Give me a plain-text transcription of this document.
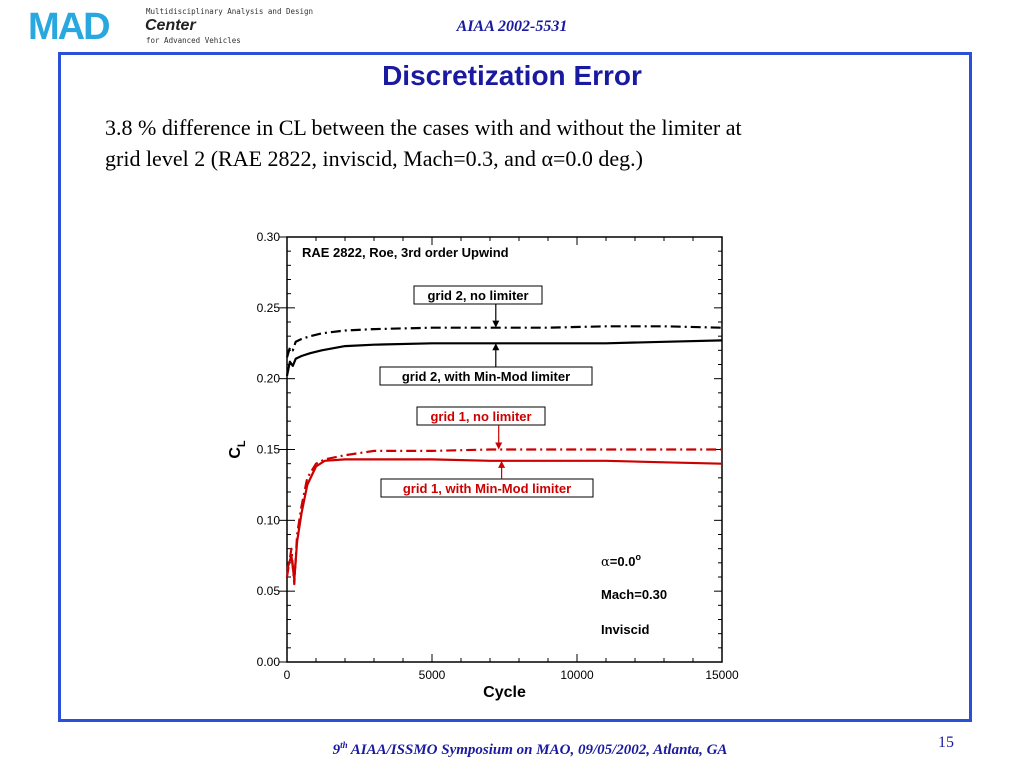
MAD	Multidisciplinary Analysis and Design
Center
for Advanced Vehicles
AIAA 2002-5531
Discretization Error
3.8 % difference in CL between the cases with and without the limiter at
grid level 2 (RAE 2822, inviscid, Mach=0.3, and α=0.0 deg.)
0.00
0.05
0.10
0.15
0.20
0.25
0.30
0	5000	10000	15000
Cycle
$C_L$
RAE 2822, Roe, 3rd order Upwind
grid 2, no limiter
grid 2, with Min-Mod limiter
grid 1, no limiter
grid 1, with Min-Mod limiter
$\alpha=0.0^o$
Mach=0.30
Inviscid
9th AIAA/ISSMO Symposium on MAO, 09/05/2002, Atlanta, GA	15
